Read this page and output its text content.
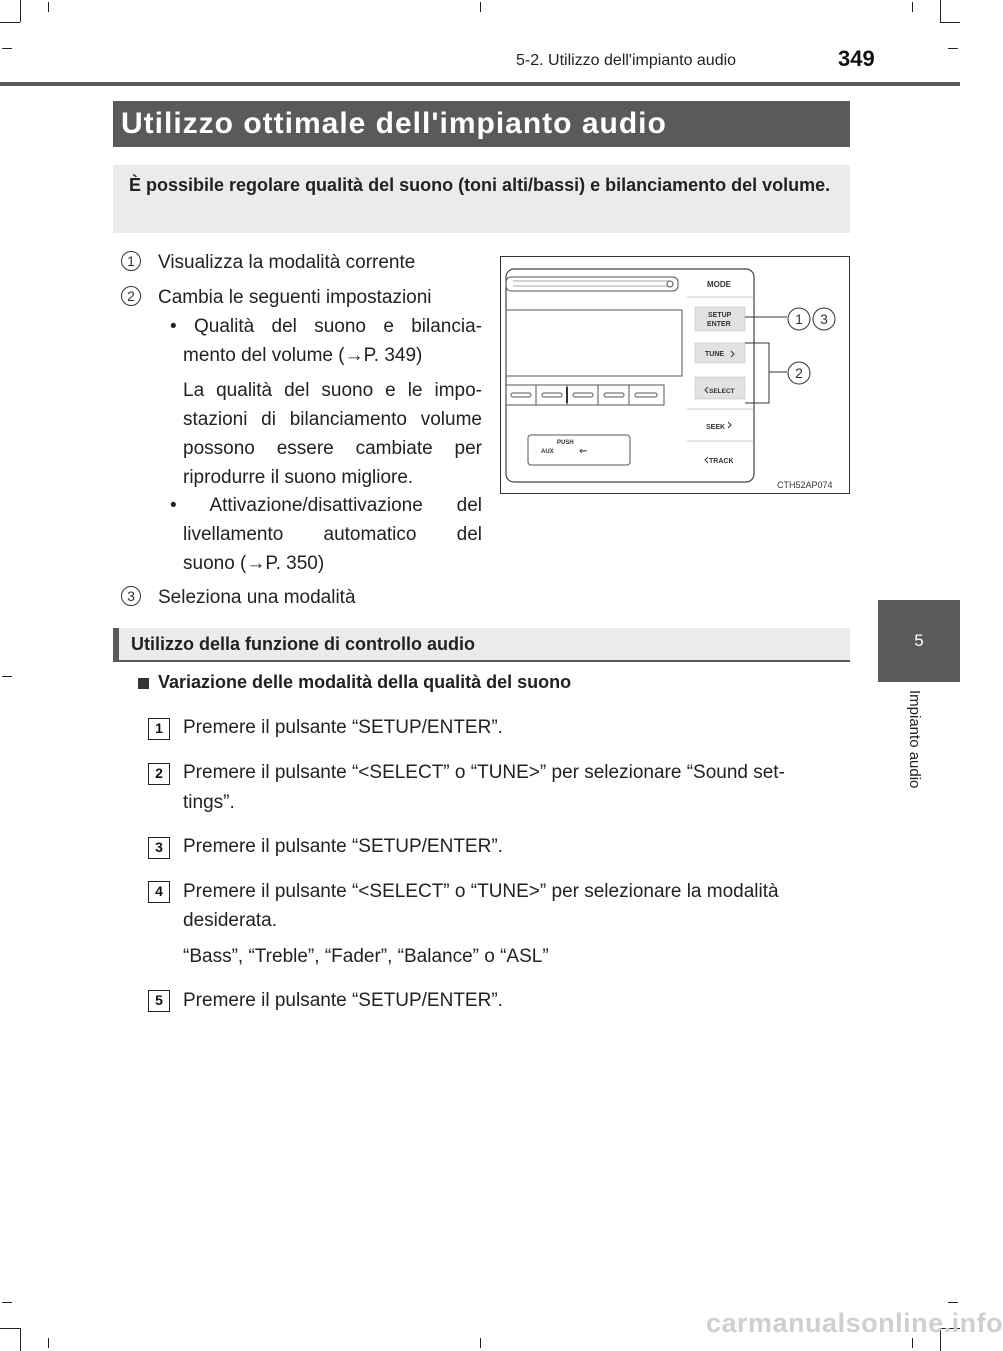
5-2. Utilizzo dell'impianto audio	349
5
Impianto audio
Utilizzo ottimale dell'impianto audio
È possibile regolare qualità del suono (toni alti/bassi) e bilanciamento del volume.
1	Visualizza la modalità corrente
2	Cambia le seguenti impostazioni
• Qualità del suono e bilancia-
mento del volume (→P. 349)
La qualità del suono e le impo-
stazioni di bilanciamento volume
possono essere cambiate per
riprodurre il suono migliore.
• Attivazione/disattivazione del
livellamento automatico del
suono (→P. 350)
3	Seleziona una modalità
PUSH
AUX	⇜
MODE
SETUP
ENTER
TUNE
SELECT
SEEK
TRACK
1 3
2
CTH52AP074
Utilizzo della funzione di controllo audio
Variazione delle modalità della qualità del suono
1	Premere il pulsante “SETUP/ENTER”.
2	Premere il pulsante “<SELECT” o “TUNE>” per selezionare “Sound set-
tings”.
3	Premere il pulsante “SETUP/ENTER”.
4	Premere il pulsante “<SELECT” o “TUNE>” per selezionare la modalità
desiderata.
“Bass”, “Treble”, “Fader”, “Balance” o “ASL”
5	Premere il pulsante “SETUP/ENTER”.
carmanualsonline.info
